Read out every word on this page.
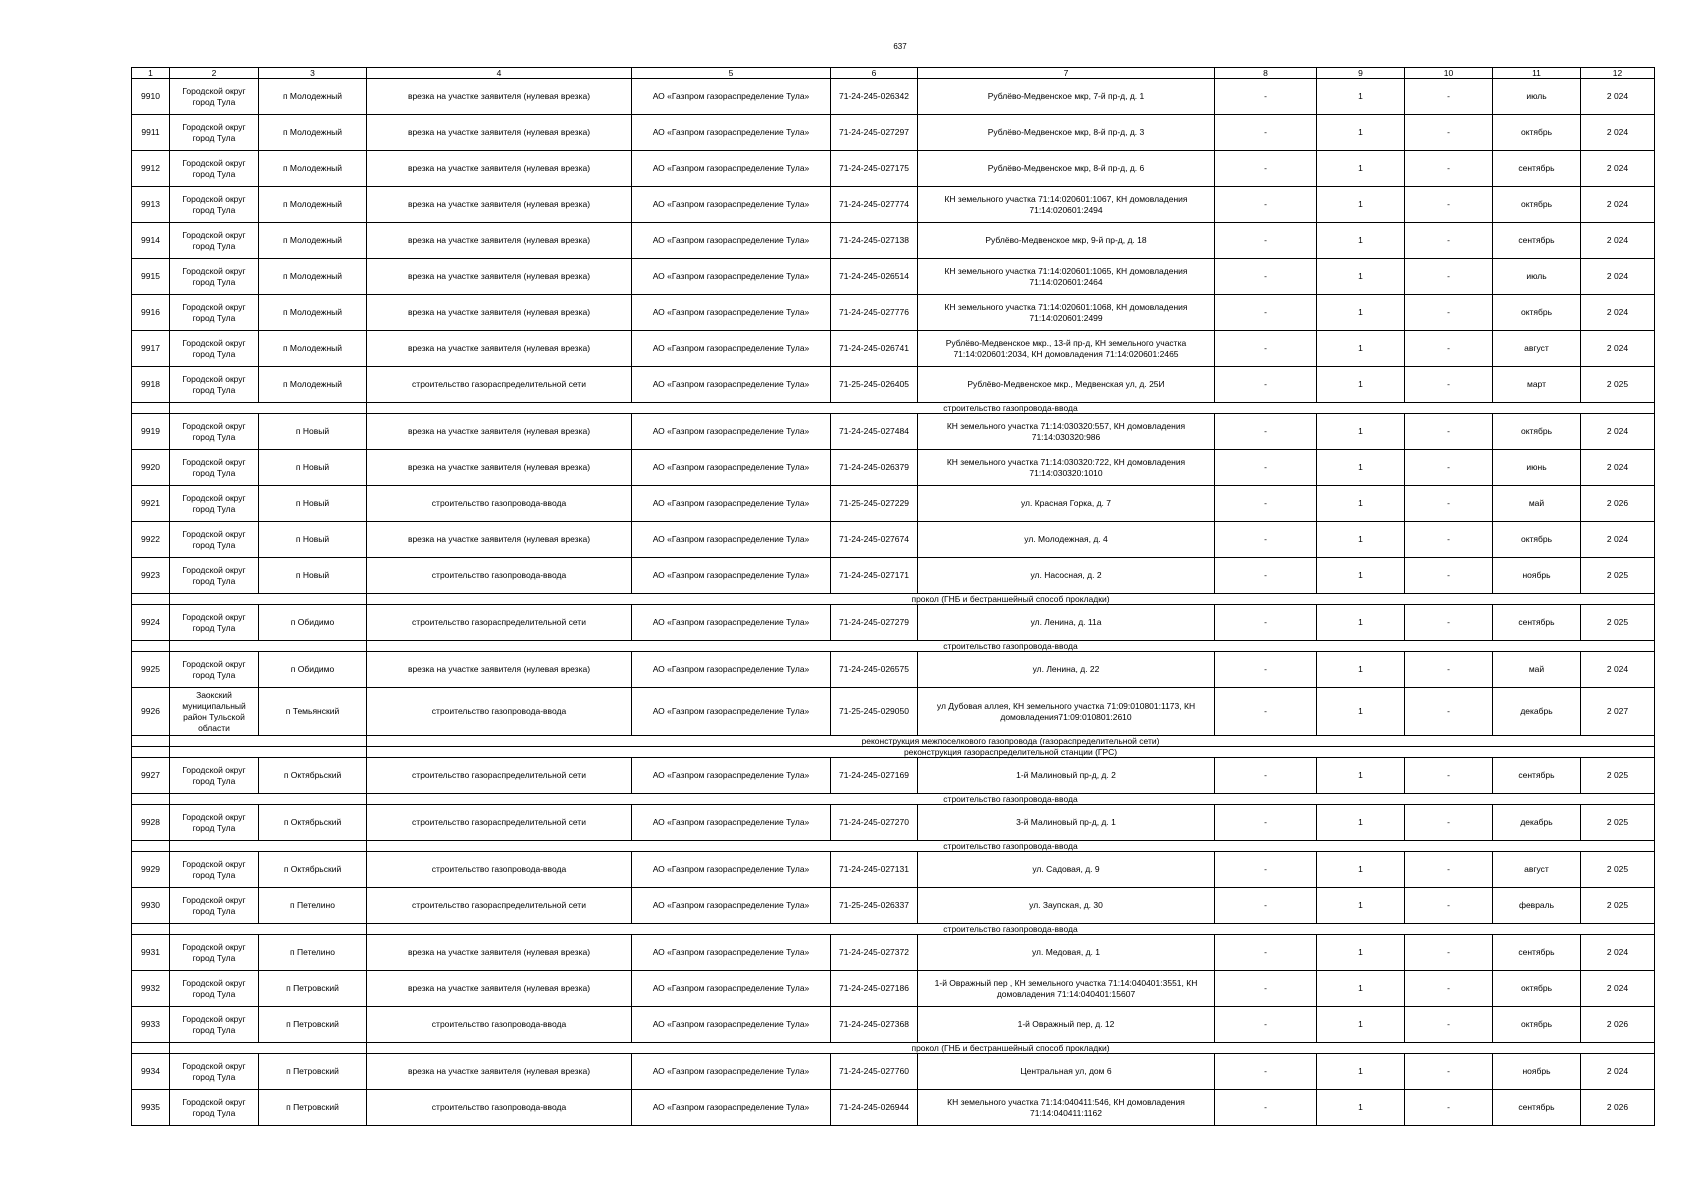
637
1	2	3	4	5	6	7	8	9	10	11	12
9910	Городской округ город Тула	п Молодежный	врезка на участке заявителя (нулевая врезка)	АО «Газпром газораспределение Тула»	71-24-245-026342	Рублёво-Медвенское мкр, 7-й пр-д, д. 1	-	1	-	июль	2 024
9911	Городской округ город Тула	п Молодежный	врезка на участке заявителя (нулевая врезка)	АО «Газпром газораспределение Тула»	71-24-245-027297	Рублёво-Медвенское мкр, 8-й пр-д, д. 3	-	1	-	октябрь	2 024
9912	Городской округ город Тула	п Молодежный	врезка на участке заявителя (нулевая врезка)	АО «Газпром газораспределение Тула»	71-24-245-027175	Рублёво-Медвенское мкр, 8-й пр-д, д. 6	-	1	-	сентябрь	2 024
9913	Городской округ город Тула	п Молодежный	врезка на участке заявителя (нулевая врезка)	АО «Газпром газораспределение Тула»	71-24-245-027774	КН земельного участка 71:14:020601:1067, КН домовладения 71:14:020601:2494	-	1	-	октябрь	2 024
9914	Городской округ город Тула	п Молодежный	врезка на участке заявителя (нулевая врезка)	АО «Газпром газораспределение Тула»	71-24-245-027138	Рублёво-Медвенское мкр, 9-й пр-д, д. 18	-	1	-	сентябрь	2 024
9915	Городской округ город Тула	п Молодежный	врезка на участке заявителя (нулевая врезка)	АО «Газпром газораспределение Тула»	71-24-245-026514	КН земельного участка 71:14:020601:1065, КН домовладения 71:14:020601:2464	-	1	-	июль	2 024
9916	Городской округ город Тула	п Молодежный	врезка на участке заявителя (нулевая врезка)	АО «Газпром газораспределение Тула»	71-24-245-027776	КН земельного участка 71:14:020601:1068, КН домовладения 71:14:020601:2499	-	1	-	октябрь	2 024
9917	Городской округ город Тула	п Молодежный	врезка на участке заявителя (нулевая врезка)	АО «Газпром газораспределение Тула»	71-24-245-026741	Рублёво-Медвенское мкр., 13-й пр-д, КН земельного участка 71:14:020601:2034, КН домовладения 71:14:020601:2465	-	1	-	август	2 024
9918	Городской округ город Тула	п Молодежный	строительство газораспределительной сети	АО «Газпром газораспределение Тула»	71-25-245-026405	Рублёво-Медвенское мкр., Медвенская ул, д. 25И	-	1	-	март	2 025
			строительство газопровода-ввода								
9919	Городской округ город Тула	п Новый	врезка на участке заявителя (нулевая врезка)	АО «Газпром газораспределение Тула»	71-24-245-027484	КН земельного участка 71:14:030320:557, КН домовладения 71:14:030320:986	-	1	-	октябрь	2 024
9920	Городской округ город Тула	п Новый	врезка на участке заявителя (нулевая врезка)	АО «Газпром газораспределение Тула»	71-24-245-026379	КН земельного участка 71:14:030320:722, КН домовладения 71:14:030320:1010	-	1	-	июнь	2 024
9921	Городской округ город Тула	п Новый	строительство газопровода-ввода	АО «Газпром газораспределение Тула»	71-25-245-027229	ул. Красная Горка, д. 7	-	1	-	май	2 026
9922	Городской округ город Тула	п Новый	врезка на участке заявителя (нулевая врезка)	АО «Газпром газораспределение Тула»	71-24-245-027674	ул. Молодежная, д. 4	-	1	-	октябрь	2 024
9923	Городской округ город Тула	п Новый	строительство газопровода-ввода	АО «Газпром газораспределение Тула»	71-24-245-027171	ул. Насосная, д. 2	-	1	-	ноябрь	2 025
			прокол (ГНБ и бестраншейный способ прокладки)								
9924	Городской округ город Тула	п Обидимо	строительство газораспределительной сети	АО «Газпром газораспределение Тула»	71-24-245-027279	ул. Ленина, д. 11а	-	1	-	сентябрь	2 025
			строительство газопровода-ввода								
9925	Городской округ город Тула	п Обидимо	врезка на участке заявителя (нулевая врезка)	АО «Газпром газораспределение Тула»	71-24-245-026575	ул. Ленина, д. 22	-	1	-	май	2 024
9926	Заокский муниципальный район Тульской области	п Темьянский	строительство газопровода-ввода	АО «Газпром газораспределение Тула»	71-25-245-029050	ул Дубовая аллея, КН земельного участка 71:09:010801:1173, КН домовладения71:09:010801:2610	-	1	-	декабрь	2 027
			реконструкция межпоселкового газопровода (газораспределительной сети)								
			реконструкция газораспределительной станции (ГРС)								
9927	Городской округ город Тула	п Октябрьский	строительство газораспределительной сети	АО «Газпром газораспределение Тула»	71-24-245-027169	1-й Малиновый пр-д, д. 2	-	1	-	сентябрь	2 025
			строительство газопровода-ввода								
9928	Городской округ город Тула	п Октябрьский	строительство газораспределительной сети	АО «Газпром газораспределение Тула»	71-24-245-027270	3-й Малиновый пр-д, д. 1	-	1	-	декабрь	2 025
			строительство газопровода-ввода								
9929	Городской округ город Тула	п Октябрьский	строительство газопровода-ввода	АО «Газпром газораспределение Тула»	71-24-245-027131	ул. Садовая, д. 9	-	1	-	август	2 025
9930	Городской округ город Тула	п Петелино	строительство газораспределительной сети	АО «Газпром газораспределение Тула»	71-25-245-026337	ул. Заупская, д. 30	-	1	-	февраль	2 025
			строительство газопровода-ввода								
9931	Городской округ город Тула	п Петелино	врезка на участке заявителя (нулевая врезка)	АО «Газпром газораспределение Тула»	71-24-245-027372	ул. Медовая, д. 1	-	1	-	сентябрь	2 024
9932	Городской округ город Тула	п Петровский	врезка на участке заявителя (нулевая врезка)	АО «Газпром газораспределение Тула»	71-24-245-027186	1-й Овражный пер , КН земельного участка 71:14:040401:3551, КН домовладения 71:14:040401:15607	-	1	-	октябрь	2 024
9933	Городской округ город Тула	п Петровский	строительство газопровода-ввода	АО «Газпром газораспределение Тула»	71-24-245-027368	1-й Овражный пер, д. 12	-	1	-	октябрь	2 026
			прокол (ГНБ и бестраншейный способ прокладки)								
9934	Городской округ город Тула	п Петровский	врезка на участке заявителя (нулевая врезка)	АО «Газпром газораспределение Тула»	71-24-245-027760	Центральная ул, дом 6	-	1	-	ноябрь	2 024
9935	Городской округ город Тула	п Петровский	строительство газопровода-ввода	АО «Газпром газораспределение Тула»	71-24-245-026944	КН земельного участка 71:14:040411:546, КН домовладения 71:14:040411:1162	-	1	-	сентябрь	2 026
